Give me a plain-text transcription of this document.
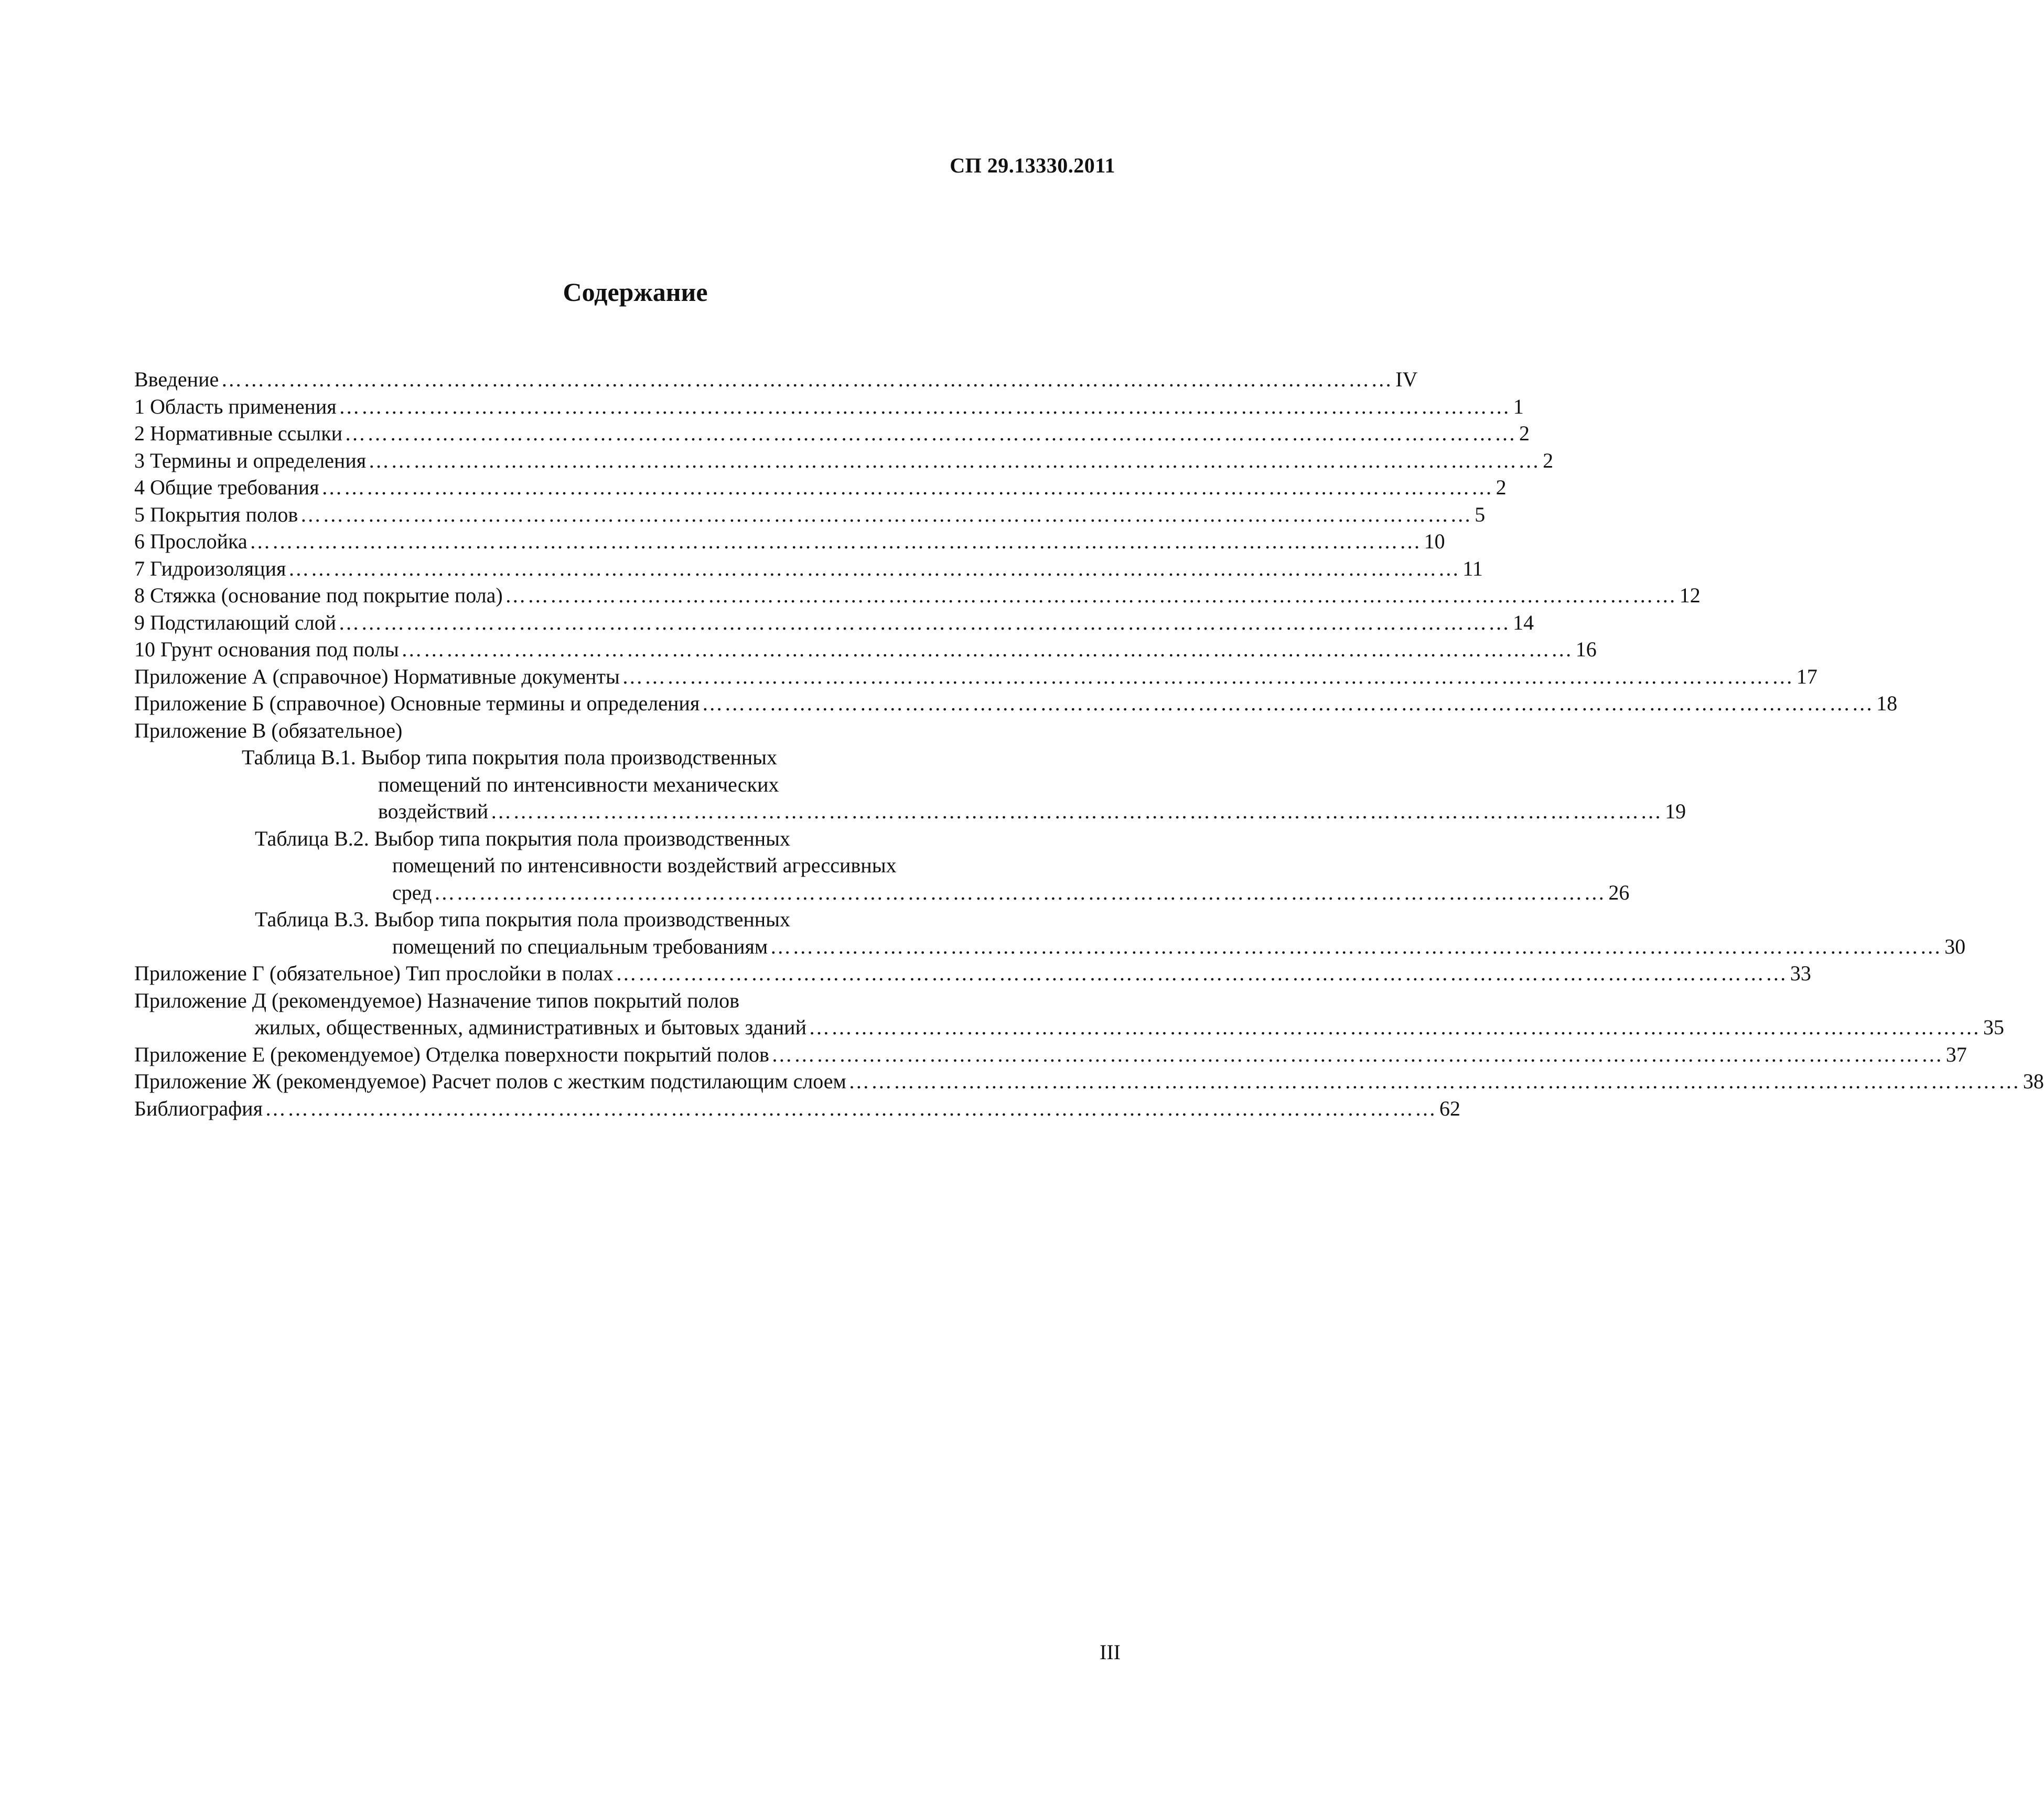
СП 29.13330.2011
Содержание
Введение ………………………………………………………………………………………………………………………………………… IV
1 Область применения ………………………………………………………………………………………………………………………………………… 1
2 Нормативные ссылки ………………………………………………………………………………………………………………………………………… 2
3 Термины и определения ………………………………………………………………………………………………………………………………………… 2
4 Общие требования ………………………………………………………………………………………………………………………………………… 2
5 Покрытия полов ………………………………………………………………………………………………………………………………………… 5
6 Прослойка ………………………………………………………………………………………………………………………………………… 10
7 Гидроизоляция ………………………………………………………………………………………………………………………………………… 11
8 Стяжка (основание под покрытие пола) ………………………………………………………………………………………………………………………………………… 12
9 Подстилающий слой ………………………………………………………………………………………………………………………………………… 14
10 Грунт основания под полы ………………………………………………………………………………………………………………………………………… 16
Приложение А (справочное) Нормативные документы ………………………………………………………………………………………………………………………………………… 17
Приложение Б (справочное) Основные термины и определения ………………………………………………………………………………………………………………………………………… 18
Приложение В (обязательное)
Таблица В.1. Выбор типа покрытия пола производственных
помещений по интенсивности механических
воздействий ………………………………………………………………………………………………………………………………………… 19
Таблица В.2. Выбор типа покрытия пола производственных
помещений по интенсивности воздействий агрессивных
сред ………………………………………………………………………………………………………………………………………… 26
Таблица В.3. Выбор типа покрытия пола производственных
помещений по специальным требованиям ………………………………………………………………………………………………………………………………………… 30
Приложение Г (обязательное) Тип прослойки в полах ………………………………………………………………………………………………………………………………………… 33
Приложение Д (рекомендуемое) Назначение типов покрытий полов
жилых, общественных, административных и бытовых зданий ………………………………………………………………………………………………………………………………………… 35
Приложение Е (рекомендуемое) Отделка поверхности покрытий полов ………………………………………………………………………………………………………………………………………… 37
Приложение Ж (рекомендуемое) Расчет полов с жестким подстилающим слоем ………………………………………………………………………………………………………………………………………… 38
Библиография ………………………………………………………………………………………………………………………………………… 62
III
